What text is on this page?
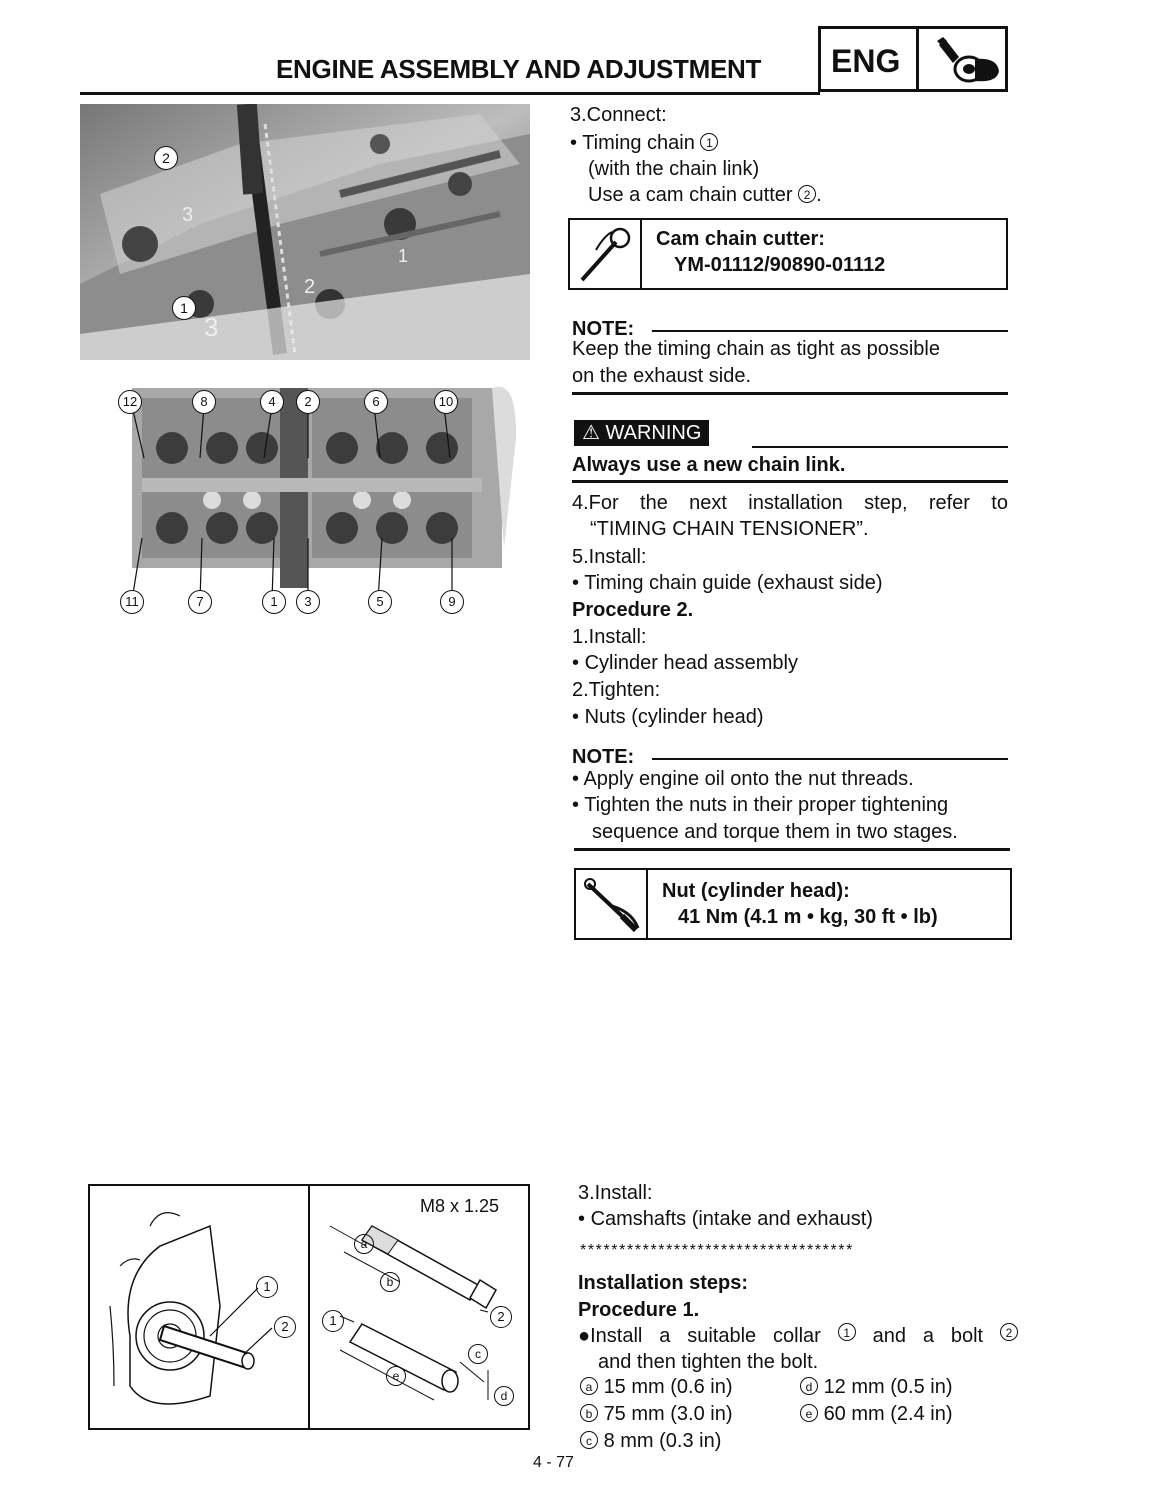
ENGINE ASSEMBLY AND ADJUSTMENT ENG
2
1
3
3
1
2
12	8	4	2	6	10
11	7	1	3	5	9
3.Connect:
• Timing chain 1
(with the chain link)
Use a cam chain cutter 2 .
Cam chain cutter:
YM-01112/90890-01112
NOTE:
Keep the timing chain as tight as possible
on the exhaust side.
⚠ WARNING
Always use a new chain link.
4.For the next installation step, refer to
“TIMING CHAIN TENSIONER”.
5.Install:
• Timing chain guide (exhaust side)
Procedure 2.
1.Install:
• Cylinder head assembly
2.Tighten:
• Nuts (cylinder head)
NOTE:
• Apply engine oil onto the nut threads.
• Tighten the nuts in their proper tightening
sequence and torque them in two stages.
Nut (cylinder head):
41 Nm (4.1 m • kg, 30 ft • lb)
1
2
M8 x 1.25
a
b
2
1
c
e
d
3.Install:
• Camshafts (intake and exhaust)
***********************************
Installation steps:
Procedure 1.
●Install a suitable collar	1 and a bolt	2
and then tighten the bolt.
a 15 mm (0.6 in)	d 12 mm (0.5 in)
b 75 mm (3.0 in)	e 60 mm (2.4 in)
c 8 mm (0.3 in)
4 - 77
